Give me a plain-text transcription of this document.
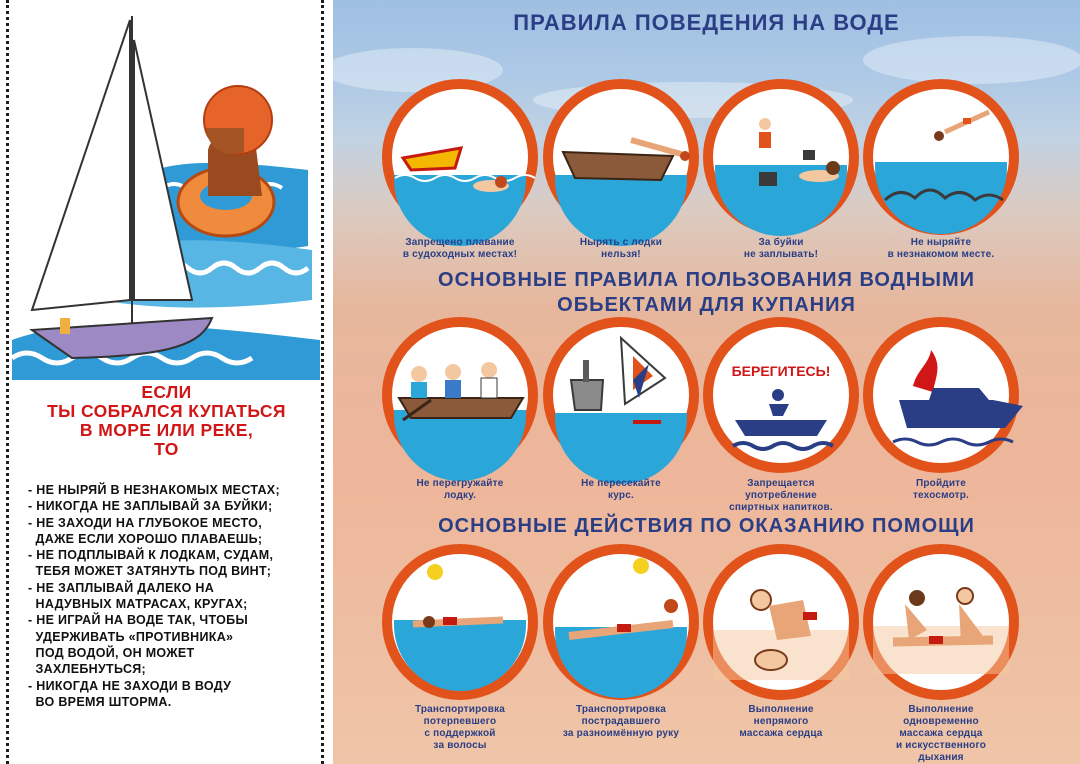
ЕСЛИ
ТЫ СОБРАЛСЯ КУПАТЬСЯ
В МОРЕ ИЛИ РЕКЕ,
ТО
- НЕ НЫРЯЙ В НЕЗНАКОМЫХ МЕСТАХ;
- НИКОГДА НЕ ЗАПЛЫВАЙ ЗА БУЙКИ;
- НЕ ЗАХОДИ НА ГЛУБОКОЕ МЕСТО,
ДАЖЕ ЕСЛИ ХОРОШО ПЛАВАЕШЬ;
- НЕ ПОДПЛЫВАЙ К ЛОДКАМ, СУДАМ,
ТЕБЯ МОЖЕТ ЗАТЯНУТЬ ПОД ВИНТ;
- НЕ ЗАПЛЫВАЙ ДАЛЕКО НА
НАДУВНЫХ МАТРАСАХ, КРУГАХ;
- НЕ ИГРАЙ НА ВОДЕ ТАК, ЧТОБЫ
УДЕРЖИВАТЬ «ПРОТИВНИКА»
ПОД ВОДОЙ, ОН МОЖЕТ
ЗАХЛЕБНУТЬСЯ;
- НИКОГДА НЕ ЗАХОДИ В ВОДУ
ВО ВРЕМЯ ШТОРМА.
БЕРЕГИТЕСЬ!
ПРАВИЛА ПОВЕДЕНИЯ НА ВОДЕ
ОСНОВНЫЕ ПРАВИЛА ПОЛЬЗОВАНИЯ ВОДНЫМИ
ОБЬЕКТАМИ ДЛЯ КУПАНИЯ
ОСНОВНЫЕ ДЕЙСТВИЯ ПО ОКАЗАНИЮ ПОМОЩИ
Запрещено плавание
в судоходных местах!
Нырять с лодки
нельзя!
За буйки
не заплывать!
Не ныряйте
в незнакомом месте.
Не перегружайте
лодку.
Не пересекайте
курс.
Запрещается
употребление
спиртных напитков.
Пройдите
техосмотр.
Транспортировка
потерпевшего
с поддержкой
за волосы
Транспортировка
пострадавшего
за разноимённую руку
Выполнение
непрямого
массажа сердца
Выполнение
одновременно
массажа сердца
и искусственного
дыхания
